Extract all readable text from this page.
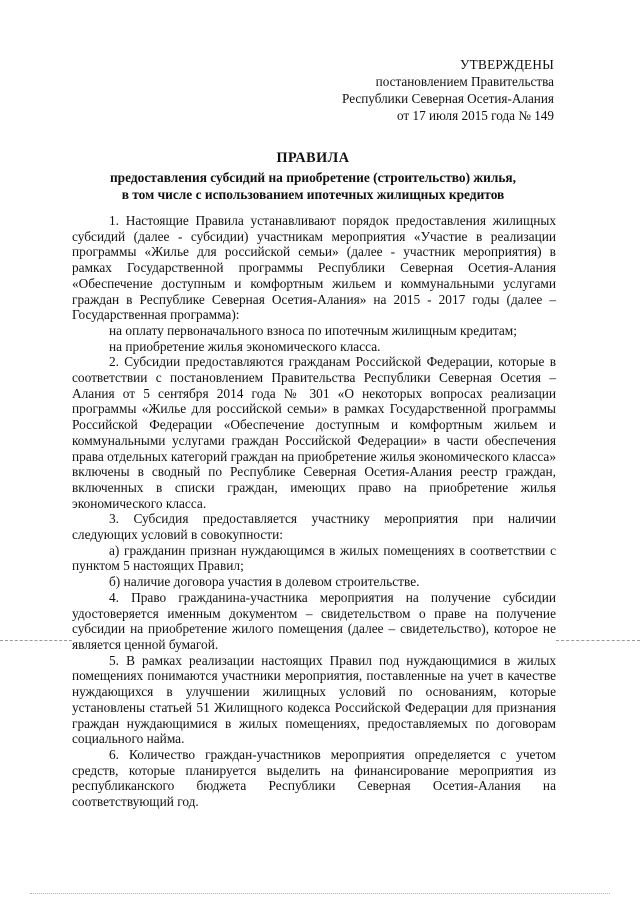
УТВЕРЖДЕНЫ
постановлением Правительства
Республики Северная Осетия-Алания
от 17 июля 2015 года № 149
ПРАВИЛА
предоставления субсидий на приобретение (строительство) жилья,
в том числе с использованием ипотечных жилищных кредитов

1. Настоящие Правила устанавливают порядок предоставления жилищных субсидий (далее - субсидии) участникам мероприятия «Участие в реализации программы «Жилье для российской семьи» (далее - участник мероприятия) в рамках Государственной программы Республики Северная Осетия-Алания «Обеспечение доступным и комфортным жильем и коммунальными услугами граждан в Республике Северная Осетия-Алания» на 2015 - 2017 годы (далее – Государственная программа):

на оплату первоначального взноса по ипотечным жилищным кредитам;

на приобретение жилья экономического класса.

2. Субсидии предоставляются гражданам Российской Федерации, которые в соответствии с постановлением Правительства Республики Северная Осетия – Алания от 5 сентября 2014 года № 301 «О некоторых вопросах реализации программы «Жилье для российской семьи» в рамках Государственной программы Российской Федерации «Обеспечение доступным и комфортным жильем и коммунальными услугами граждан Российской Федерации» в части обеспечения права отдельных категорий граждан на приобретение жилья экономического класса» включены в сводный по Республике Северная Осетия-Алания реестр граждан, включенных в списки граждан, имеющих право на приобретение жилья экономического класса.

3. Субсидия предоставляется участнику мероприятия при наличии следующих условий в совокупности:

а) гражданин признан нуждающимся в жилых помещениях в соответствии с пунктом 5 настоящих Правил;

б) наличие договора участия в долевом строительстве.

4. Право гражданина-участника мероприятия на получение субсидии удостоверяется именным документом – свидетельством о праве на получение субсидии на приобретение жилого помещения (далее – свидетельство), которое не является ценной бумагой.

5. В рамках реализации настоящих Правил под нуждающимися в жилых помещениях понимаются участники мероприятия, поставленные на учет в качестве нуждающихся в улучшении жилищных условий по основаниям, которые установлены статьей 51 Жилищного кодекса Российской Федерации для признания граждан нуждающимися в жилых помещениях, предоставляемых по договорам социального найма.

6. Количество граждан-участников мероприятия определяется с учетом средств, которые планируется выделить на финансирование мероприятия из республиканского бюджета Республики Северная Осетия-Алания на соответствующий год.
